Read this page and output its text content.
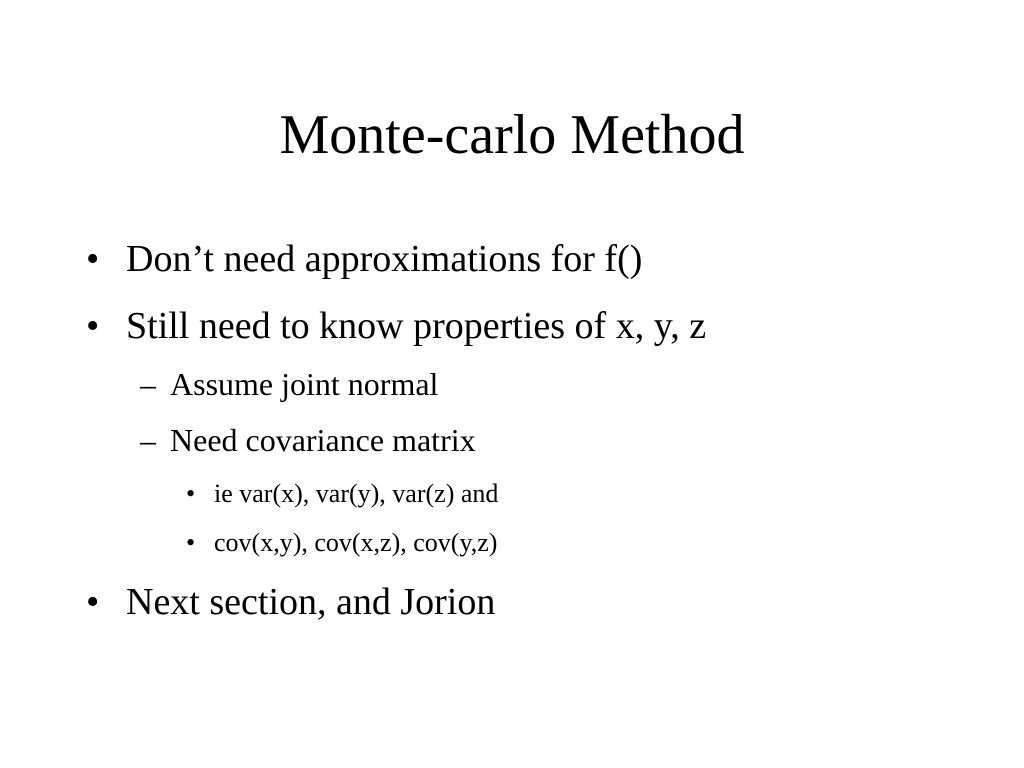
Monte-carlo Method
• Don’t need approximations for f()
• Still need to know properties of x, y, z
– Assume joint normal
– Need covariance matrix
• ie var(x), var(y), var(z) and
• cov(x,y), cov(x,z), cov(y,z)
• Next section, and Jorion
